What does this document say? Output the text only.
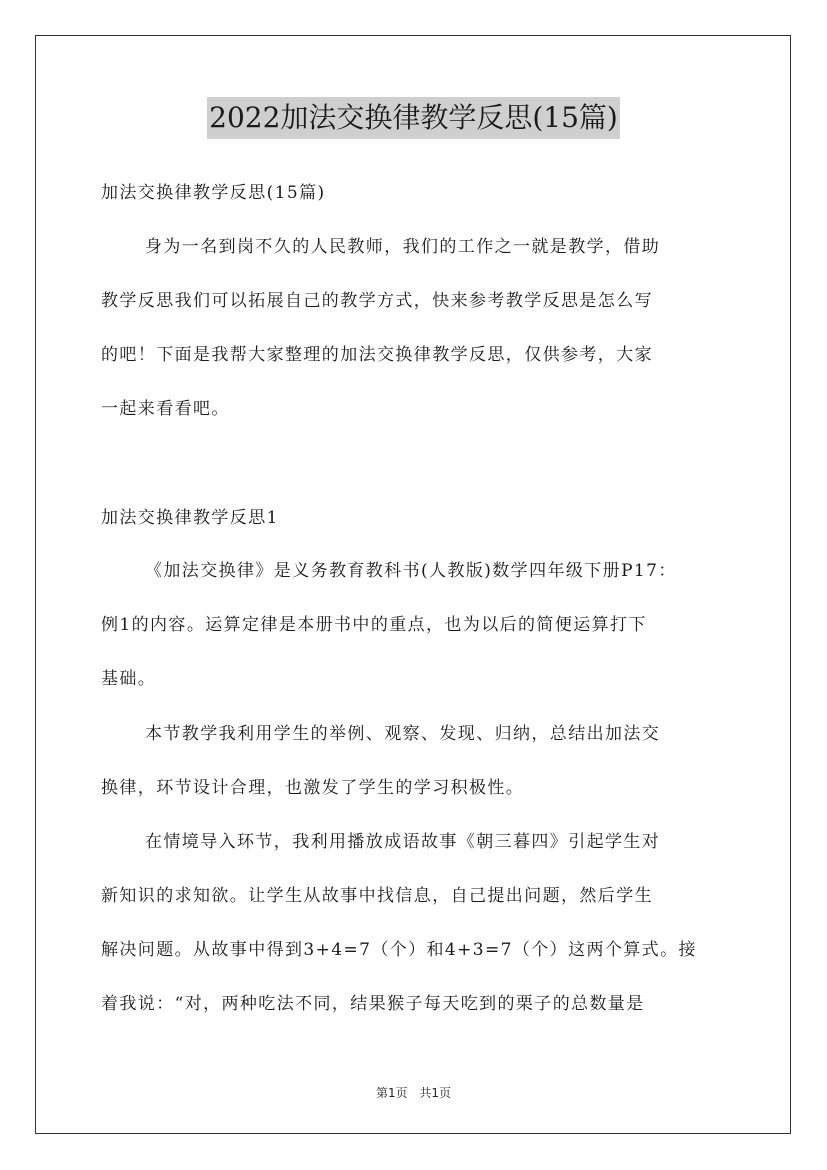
2022加法交换律教学反思(15篇)
加法交换律教学反思(15篇)
身为一名到岗不久的人民教师，我们的工作之一就是教学，借助
教学反思我们可以拓展自己的教学方式，快来参考教学反思是怎么写
的吧！下面是我帮大家整理的加法交换律教学反思，仅供参考，大家
一起来看看吧。
加法交换律教学反思1
《加法交换律》是义务教育教科书(人教版)数学四年级下册P17：
例1的内容。运算定律是本册书中的重点，也为以后的简便运算打下
基础。
本节教学我利用学生的举例、观察、发现、归纳，总结出加法交
换律，环节设计合理，也激发了学生的学习积极性。
在情境导入环节，我利用播放成语故事《朝三暮四》引起学生对
新知识的求知欲。让学生从故事中找信息，自己提出问题，然后学生
解决问题。从故事中得到3+4=7（个）和4+3=7（个）这两个算式。接
着我说：“对，两种吃法不同，结果猴子每天吃到的栗子的总数量是
第1页 共1页
